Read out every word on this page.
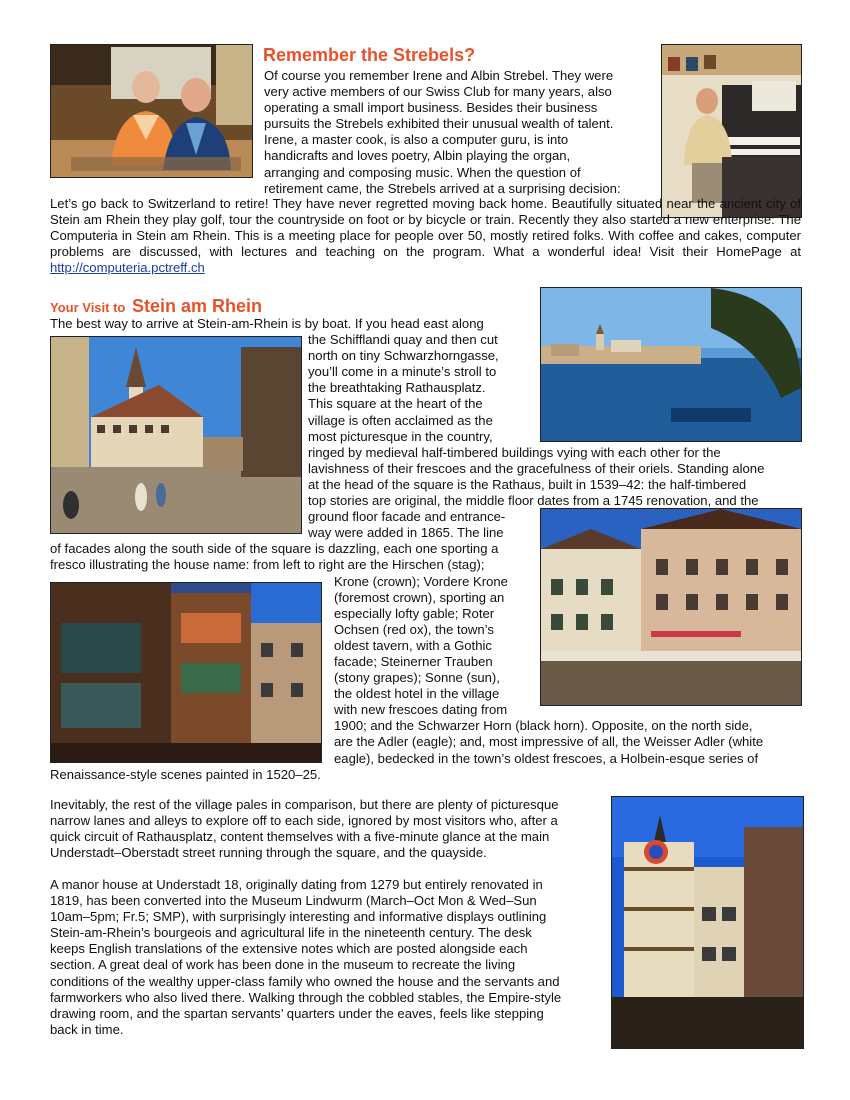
Remember the Strebels?
Of course you remember Irene and Albin Strebel. They were
very active members of our Swiss Club for many years, also
operating a small import business. Besides their business
pursuits the Strebels exhibited their unusual wealth of talent.
Irene, a master cook, is also a computer guru, is into
handicrafts and loves poetry, Albin playing the organ,
arranging and composing music. When the question of
retirement came, the Strebels arrived at a surprising decision:

Let’s go back to Switzerland to retire! They have never regretted moving back home. Beautifully situated near the ancient city of Stein am Rhein they play golf, tour the countryside on foot or by bicycle or train. Recently they also started a new enterprise: The Computeria in Stein am Rhein. This is a meeting place for people over 50, mostly retired folks. With coffee and cakes, computer problems are discussed, with lectures and teaching on the program. What a wonderful idea! Visit their HomePage at http://computeria.pctreff.ch

Your Visit to Stein am Rhein
The best way to arrive at Stein-am-Rhein is by boat. If you head east along
the Schifflandi quay and then cut
north on tiny Schwarzhorngasse,
you’ll come in a minute’s stroll to
the breathtaking Rathausplatz.
This square at the heart of the
village is often acclaimed as the
most picturesque in the country,
ringed by medieval half-timbered buildings vying with each other for the
lavishness of their frescoes and the gracefulness of their oriels. Standing alone
at the head of the square is the Rathaus, built in 1539–42: the half-timbered
top stories are original, the middle floor dates from a 1745 renovation, and the
ground floor facade and entrance-
way were added in 1865. The line
of facades along the south side of the square is dazzling, each one sporting a
fresco illustrating the house name: from left to right are the Hirschen (stag);
Krone (crown); Vordere Krone
(foremost crown), sporting an
especially lofty gable; Roter
Ochsen (red ox), the town’s
oldest tavern, with a Gothic
facade; Steinerner Trauben
(stony grapes); Sonne (sun),
the oldest hotel in the village
with new frescoes dating from
1900; and the Schwarzer Horn (black horn). Opposite, on the north side,
are the Adler (eagle); and, most impressive of all, the Weisser Adler (white
eagle), bedecked in the town’s oldest frescoes, a Holbein-esque series of
Renaissance-style scenes painted in 1520–25.
Inevitably, the rest of the village pales in comparison, but there are plenty of picturesque
narrow lanes and alleys to explore off to each side, ignored by most visitors who, after a
quick circuit of Rathausplatz, content themselves with a five-minute glance at the main
Understadt–Oberstadt street running through the square, and the quayside.
A manor house at Understadt 18, originally dating from 1279 but entirely renovated in
1819, has been converted into the Museum Lindwurm (March–Oct Mon & Wed–Sun
10am–5pm; Fr.5; SMP), with surprisingly interesting and informative displays outlining
Stein-am-Rhein’s bourgeois and agricultural life in the nineteenth century. The desk
keeps English translations of the extensive notes which are posted alongside each
section. A great deal of work has been done in the museum to recreate the living
conditions of the wealthy upper-class family who owned the house and the servants and
farmworkers who also lived there. Walking through the cobbled stables, the Empire-style
drawing room, and the spartan servants’ quarters under the eaves, feels like stepping
back in time.
